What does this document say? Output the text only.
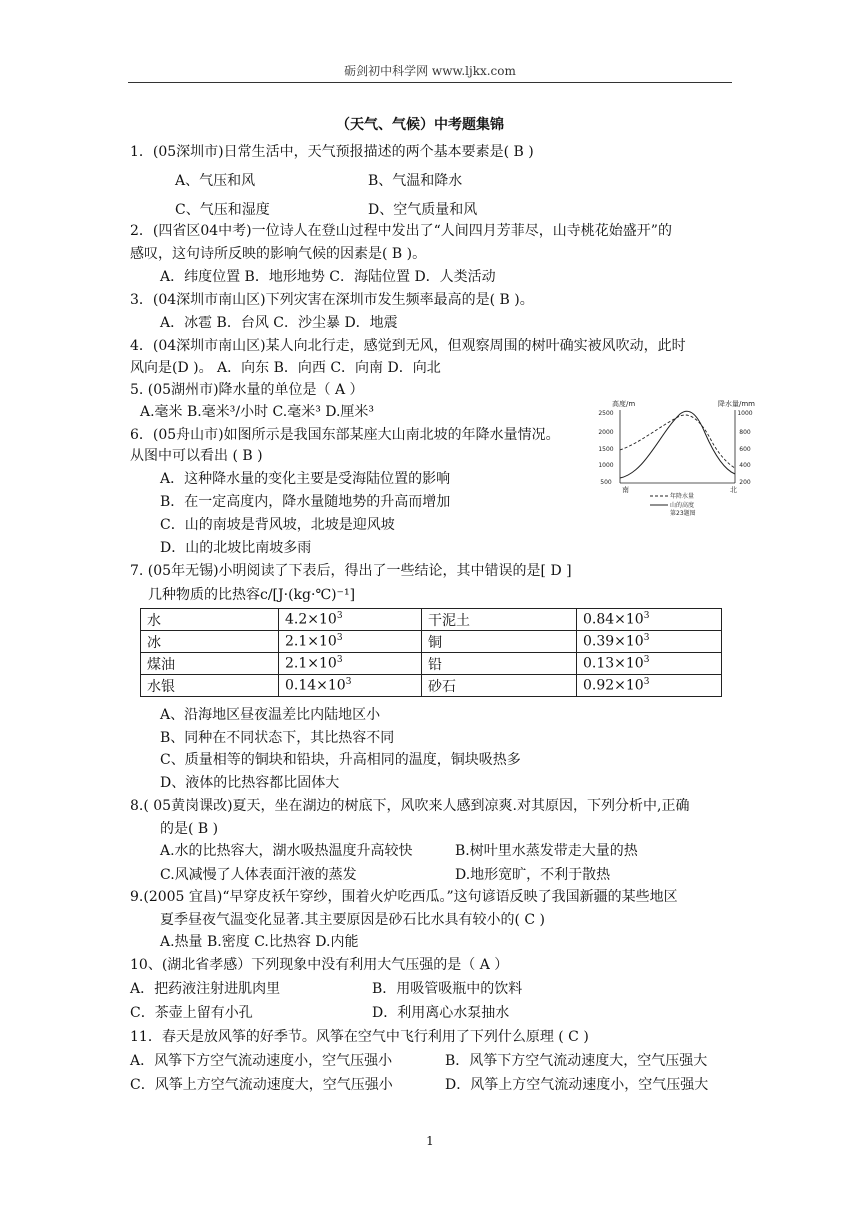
砺剑初中科学网 www.ljkx.com
（天气、气候）中考题集锦
1．(05深圳市)日常生活中，天气预报描述的两个基本要素是( B )
A、气压和风	B、气温和降水
C、气压和湿度	D、空气质量和风
2．(四省区04中考)一位诗人在登山过程中发出了“人间四月芳菲尽，山寺桃花始盛开”的
感叹，这句诗所反映的影响气候的因素是( B )。
A．纬度位置 B．地形地势 C．海陆位置 D．人类活动
3．(04深圳市南山区)下列灾害在深圳市发生频率最高的是( B )。
A．冰雹 B．台风 C．沙尘暴 D．地震
4．(04深圳市南山区)某人向北行走，感觉到无风，但观察周围的树叶确实被风吹动，此时
风向是(D )。 A．向东 B．向西 C．向南 D．向北
5. (05湖州市)降水量的单位是（ A ）
A.毫米 B.毫米³/小时 C.毫米³ D.厘米³
6．(05舟山市)如图所示是我国东部某座大山南北坡的年降水量情况。
从图中可以看出 ( B )
A．这种降水量的变化主要是受海陆位置的影响
B．在一定高度内，降水量随地势的升高而增加
C．山的南坡是背风坡，北坡是迎风坡
D．山的北坡比南坡多雨
高度/m	降水量/mm
2500
2000
1500
1000
500
1000
800
600
400
200
南	北
年降水量
山的高度
第23题图
7. (05年无锡)小明阅读了下表后，得出了一些结论，其中错误的是[ D ]
几种物质的比热容c/[J·(kg·℃)⁻¹]
水	$4.2\times 10^3$	干泥土	$0.84\times 10^3$
冰	$2.1\times 10^3$	铜	$0.39\times 10^3$
煤油	$2.1\times 10^3$	铅	$0.13\times 10^3$
水银	$0.14\times 10^3$	砂石	$0.92\times 10^3$
A、沿海地区昼夜温差比内陆地区小
B、同种在不同状态下，其比热容不同
C、质量相等的铜块和铅块，升高相同的温度，铜块吸热多
D、液体的比热容都比固体大
8.( 05黄岗课改)夏天，坐在湖边的树底下，风吹来人感到凉爽.对其原因，下列分析中,正确
的是( B )
A.水的比热容大，湖水吸热温度升高较快	B.树叶里水蒸发带走大量的热
C.风减慢了人体表面汗液的蒸发	D.地形宽旷，不利于散热
9.(2005 宜昌)“早穿皮袄午穿纱，围着火炉吃西瓜。”这句谚语反映了我国新疆的某些地区
夏季昼夜气温变化显著.其主要原因是砂石比水具有较小的( C )
A.热量 B.密度 C.比热容 D.内能
10、(湖北省孝感）下列现象中没有利用大气压强的是（ A ）
A．把药液注射进肌肉里	B．用吸管吸瓶中的饮料
C．茶壶上留有小孔	D．利用离心水泵抽水
11．春天是放风筝的好季节。风筝在空气中飞行利用了下列什么原理 ( C )
A．风筝下方空气流动速度小，空气压强小	B．风筝下方空气流动速度大，空气压强大
C．风筝上方空气流动速度大，空气压强小	D．风筝上方空气流动速度小，空气压强大
1
